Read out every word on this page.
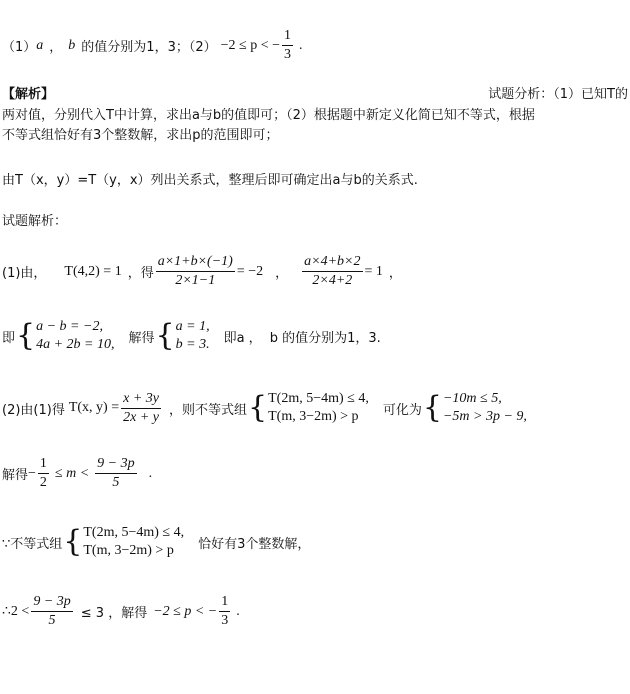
（1） a ， b 的值分别为1，3；（2） −2 ≤ p < − $\frac{1}{3}$ .
【解析】	试题分析：（1）已知T的
两对值，分别代入T中计算，求出a与b的值即可；（2）根据题中新定义化简已知不等式，根据
不等式组恰好有3个整数解，求出p的范围即可；
由T（x，y）=T（y，x）列出关系式，整理后即可确定出a与b的关系式.
试题解析：
(1)由， T(4,2) = 1 ，得 $\frac{a\times 1+b\times(-1)}{2\times 1-1} = -2$ ， $\frac{a\times 4+b\times 2}{2\times 4+2} = 1$ ，
即 { a − b = −2,
4a + 2b = 10, 解得 { a = 1,
b = 3. 即a ， b 的值分别为1，3.
(2)由(1)得 T(x, $y) = \frac{x + 3y}{2x + y}$ ，则不等式组 { T(2m, 5−4m) ≤ 4,
T(m, 3−2m) > p	可化为 { −10m ≤ 5,
−5m > 3p − 9,
解得 − $\frac{1}{2} \le m < \frac{9 - 3p}{5}$ .
∵不等式组 { T(2m, 5−4m) ≤ 4,
T(m, 3−2m) > p	恰好有3个整数解，
∴2 < $\frac{9 - 3p}{5} \le 3$ ，解得 −2 ≤ p < − $\frac{1}{3}$ .
